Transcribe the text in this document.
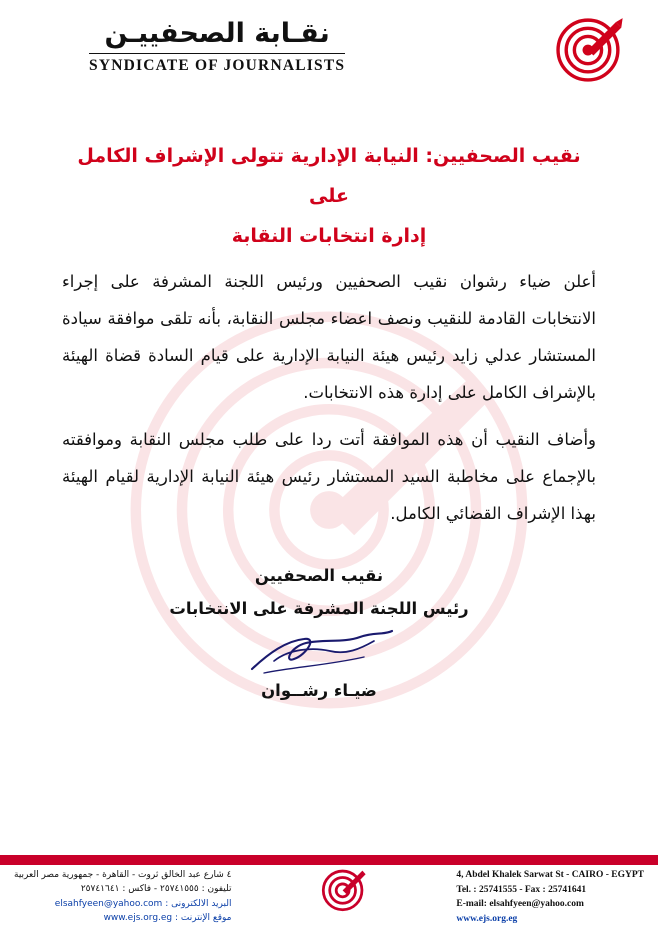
نقـابة الصحفييـن
SYNDICATE OF JOURNALISTS
نقيب الصحفيين: النيابة الإدارية تتولى الإشراف الكامل على
إدارة انتخابات النقابة

أعلن ضياء رشوان نقيب الصحفيين ورئيس اللجنة المشرفة على إجراء الانتخابات القادمة للنقيب ونصف اعضاء مجلس النقابة، بأنه تلقى موافقة سيادة المستشار عدلي زايد رئيس هيئة النيابة الإدارية على قيام السادة قضاة الهيئة بالإشراف الكامل على إدارة هذه الانتخابات.

وأضاف النقيب أن هذه الموافقة أتت ردا على طلب مجلس النقابة وموافقته بالإجماع على مخاطبة السيد المستشار رئيس هيئة النيابة الإدارية لقيام الهيئة بهذا الإشراف القضائي الكامل.

نقيب الصحفيين
رئيس اللجنة المشرفة على الانتخابات
ضيـاء رشــوان
4, Abdel Khalek Sarwat St - CAIRO - EGYPT
Tel. : 25741555 - Fax : 25741641
E-mail: elsahfyeen@yahoo.com
www.ejs.org.eg
٤ شارع عبد الخالق ثروت - القاهرة - جمهورية مصر العربية
تليفون : ٢٥٧٤١٥٥٥ - فاكس : ٢٥٧٤١٦٤١
البريد الالكترونى : elsahfyeen@yahoo.com
موقع الإنترنت : www.ejs.org.eg
